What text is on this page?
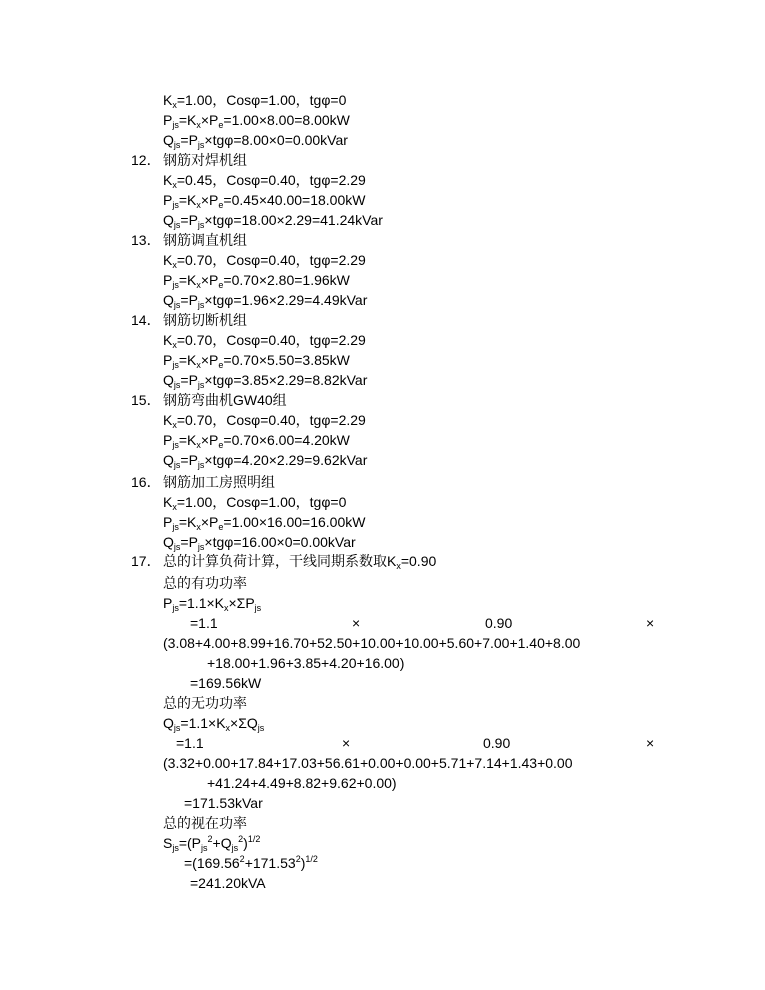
$K_x=1.00$，Cosφ=1.00，tgφ=0
$P_{js}=K_x\times P_e=1.00\times 8.00=8.00kW$
$Q_{js}=P_{js}\times tg\varphi=8.00\times 0=0.00kVar$
12． 钢筋对焊机组
$K_x=0.45$，Cosφ=0.40，tgφ=2.29
$P_{js}=K_x\times P_e=0.45\times 40.00=18.00kW$
$Q_{js}=P_{js}\times tg\varphi=18.00\times 2.29=41.24kVar$
13． 钢筋调直机组
$K_x=0.70$，Cosφ=0.40，tgφ=2.29
$P_{js}=K_x\times P_e=0.70\times 2.80=1.96kW$
$Q_{js}=P_{js}\times tg\varphi=1.96\times 2.29=4.49kVar$
14． 钢筋切断机组
$K_x=0.70$，Cosφ=0.40，tgφ=2.29
$P_{js}=K_x\times P_e=0.70\times 5.50=3.85kW$
$Q_{js}=P_{js}\times tg\varphi=3.85\times 2.29=8.82kVar$
15． 钢筋弯曲机GW40组
$K_x=0.70$，Cosφ=0.40，tgφ=2.29
$P_{js}=K_x\times P_e=0.70\times 6.00=4.20kW$
$Q_{js}=P_{js}\times tg\varphi=4.20\times 2.29=9.62kVar$
16． 钢筋加工房照明组
$K_x=1.00$，Cosφ=1.00，tgφ=0
$P_{js}=K_x\times P_e=1.00\times 16.00=16.00kW$
$Q_{js}=P_{js}\times tg\varphi=16.00\times 0=0.00kVar$
17． 总的计算负荷计算，干线同期系数取$K_x=0.90$
总的有功功率
$P_{js}=1.1\times K_x\times\Sigma P_{js}$
=1.1	×	0.90	×
(3.08+4.00+8.99+16.70+52.50+10.00+10.00+5.60+7.00+1.40+8.00
+18.00+1.96+3.85+4.20+16.00)
=169.56kW
总的无功功率
$Q_{js}=1.1\times K_x\times\Sigma Q_{js}$
=1.1	×	0.90	×
(3.32+0.00+17.84+17.03+56.61+0.00+0.00+5.71+7.14+1.43+0.00
+41.24+4.49+8.82+9.62+0.00)
=171.53kVar
总的视在功率
$S_{js}=(P_{js}^2+Q_{js}^2)^{1/2}$
$=(169.56^2+171.53^2)^{1/2}$
=241.20kVA
